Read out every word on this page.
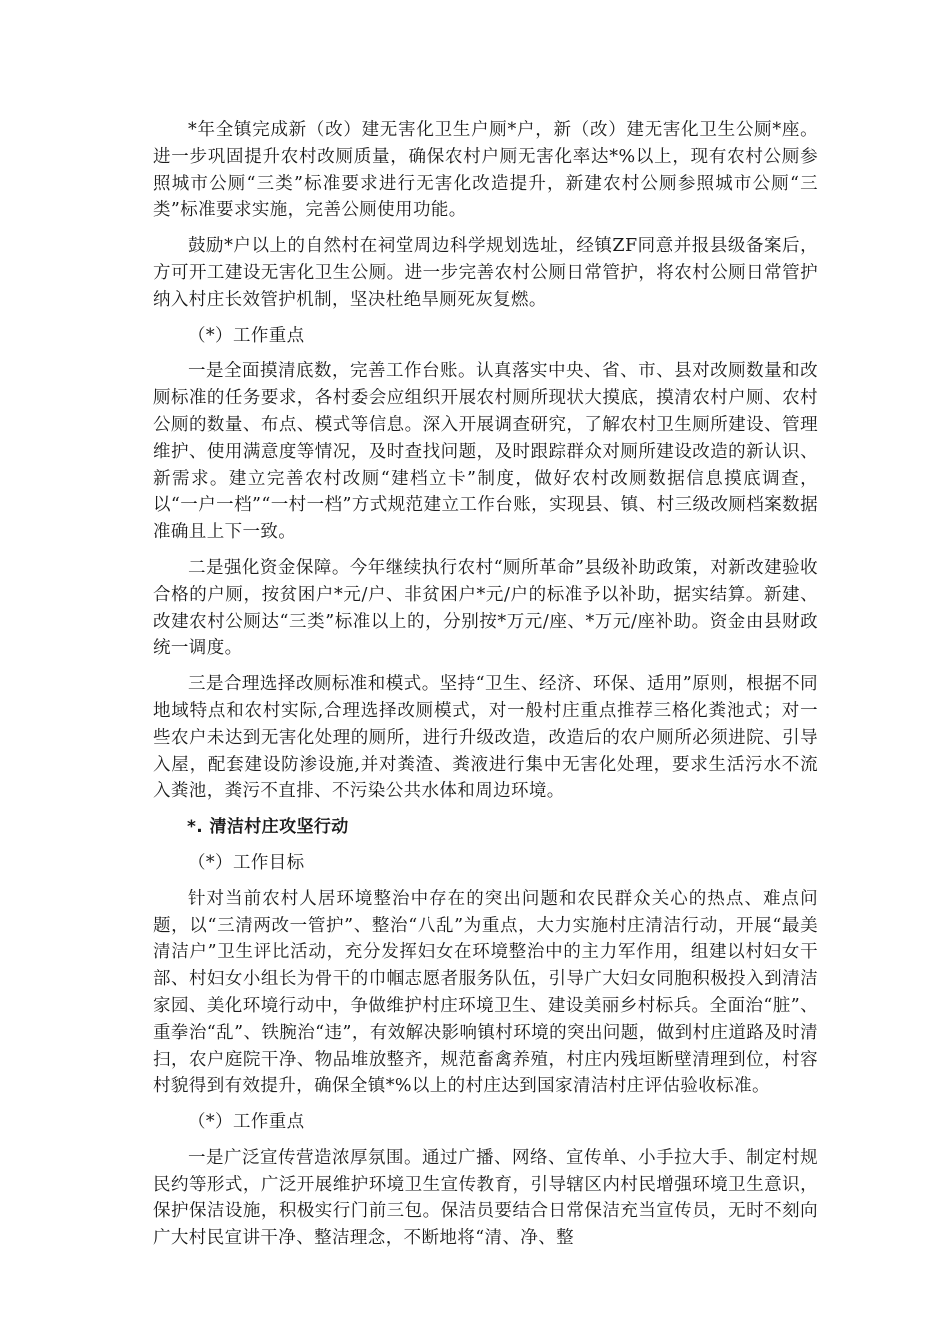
*年全镇完成新（改）建无害化卫生户厕*户，新（改）建无害化卫生公厕*座。进一步巩固提升农村改厕质量，确保农村户厕无害化率达*%以上，现有农村公厕参照城市公厕“三类”标准要求进行无害化改造提升，新建农村公厕参照城市公厕“三类”标准要求实施，完善公厕使用功能。

鼓励*户以上的自然村在祠堂周边科学规划选址，经镇ZF同意并报县级备案后，方可开工建设无害化卫生公厕。进一步完善农村公厕日常管护，将农村公厕日常管护纳入村庄长效管护机制，坚决杜绝旱厕死灰复燃。

（*）工作重点

一是全面摸清底数，完善工作台账。认真落实中央、省、市、县对改厕数量和改厕标准的任务要求，各村委会应组织开展农村厕所现状大摸底，摸清农村户厕、农村公厕的数量、布点、模式等信息。深入开展调查研究，了解农村卫生厕所建设、管理维护、使用满意度等情况，及时查找问题，及时跟踪群众对厕所建设改造的新认识、新需求。建立完善农村改厕“建档立卡”制度，做好农村改厕数据信息摸底调查，以“一户一档”“一村一档”方式规范建立工作台账，实现县、镇、村三级改厕档案数据准确且上下一致。

二是强化资金保障。今年继续执行农村“厕所革命”县级补助政策，对新改建验收合格的户厕，按贫困户*元/户、非贫困户*元/户的标准予以补助，据实结算。新建、改建农村公厕达“三类”标准以上的，分别按*万元/座、*万元/座补助。资金由县财政统一调度。

三是合理选择改厕标准和模式。坚持“卫生、经济、环保、适用”原则，根据不同地域特点和农村实际,合理选择改厕模式，对一般村庄重点推荐三格化粪池式；对一些农户未达到无害化处理的厕所，进行升级改造，改造后的农户厕所必须进院、引导入屋，配套建设防渗设施,并对粪渣、粪液进行集中无害化处理，要求生活污水不流入粪池，粪污不直排、不污染公共水体和周边环境。

*. 清洁村庄攻坚行动

（*）工作目标

针对当前农村人居环境整治中存在的突出问题和农民群众关心的热点、难点问题，以“三清两改一管护”、整治“八乱”为重点，大力实施村庄清洁行动，开展“最美清洁户”卫生评比活动，充分发挥妇女在环境整治中的主力军作用，组建以村妇女干部、村妇女小组长为骨干的巾帼志愿者服务队伍，引导广大妇女同胞积极投入到清洁家园、美化环境行动中，争做维护村庄环境卫生、建设美丽乡村标兵。全面治“脏”、重拳治“乱”、铁腕治“违”，有效解决影响镇村环境的突出问题，做到村庄道路及时清扫，农户庭院干净、物品堆放整齐，规范畜禽养殖，村庄内残垣断壁清理到位，村容村貌得到有效提升，确保全镇*%以上的村庄达到国家清洁村庄评估验收标准。

（*）工作重点

一是广泛宣传营造浓厚氛围。通过广播、网络、宣传单、小手拉大手、制定村规民约等形式，广泛开展维护环境卫生宣传教育，引导辖区内村民增强环境卫生意识，保护保洁设施，积极实行门前三包。保洁员要结合日常保洁充当宣传员，无时不刻向广大村民宣讲干净、整洁理念，不断地将“清、净、整
